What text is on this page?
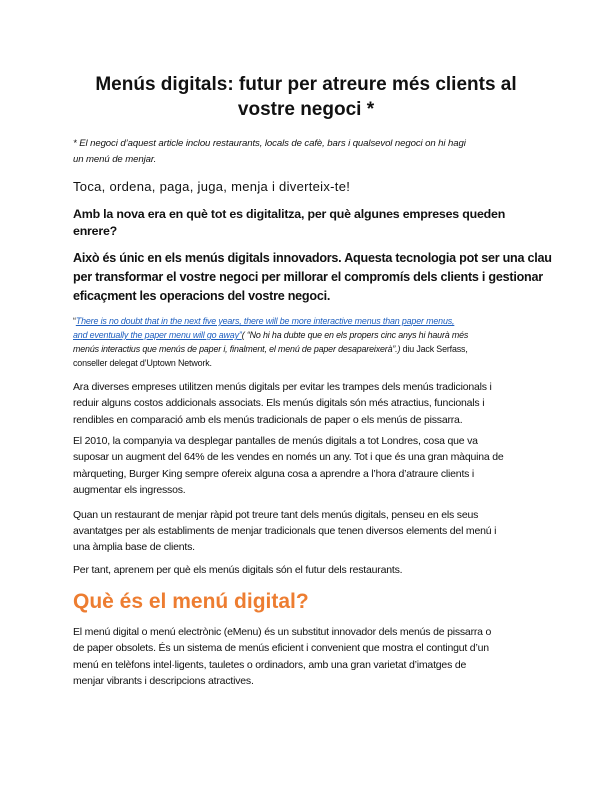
Menús digitals: futur per atreure més clients al
vostre negoci *
* El negoci d’aquest article inclou restaurants, locals de cafè, bars i qualsevol negoci on hi hagi
un menú de menjar.
Toca, ordena, paga, juga, menja i diverteix-te!
Amb la nova era en què tot es digitalitza, per què algunes empreses queden
enrere?
Això és únic en els menús digitals innovadors. Aquesta tecnologia pot ser una clau
per transformar el vostre negoci per millorar el compromís dels clients i gestionar
eficaçment les operacions del vostre negoci.
“There is no doubt that in the next five years, there will be more interactive menus than paper menus,
and eventually the paper menu will go away”( “No hi ha dubte que en els propers cinc anys hi haurà més
menús interactius que menús de paper i, finalment, el menú de paper desapareixerà”.) diu Jack Serfass,
conseller delegat d’Uptown Network.
Ara diverses empreses utilitzen menús digitals per evitar les trampes dels menús tradicionals i
reduir alguns costos addicionals associats. Els menús digitals són més atractius, funcionals i
rendibles en comparació amb els menús tradicionals de paper o els menús de pissarra.
El 2010, la companyia va desplegar pantalles de menús digitals a tot Londres, cosa que va
suposar un augment del 64% de les vendes en només un any. Tot i que és una gran màquina de
màrqueting, Burger King sempre ofereix alguna cosa a aprendre a l’hora d’atraure clients i
augmentar els ingressos.
Quan un restaurant de menjar ràpid pot treure tant dels menús digitals, penseu en els seus
avantatges per als establiments de menjar tradicionals que tenen diversos elements del menú i
una àmplia base de clients.
Per tant, aprenem per què els menús digitals són el futur dels restaurants.
Què és el menú digital?
El menú digital o menú electrònic (eMenu) és un substitut innovador dels menús de pissarra o
de paper obsolets. És un sistema de menús eficient i convenient que mostra el contingut d’un
menú en telèfons intel·ligents, tauletes o ordinadors, amb una gran varietat d’imatges de
menjar vibrants i descripcions atractives.
